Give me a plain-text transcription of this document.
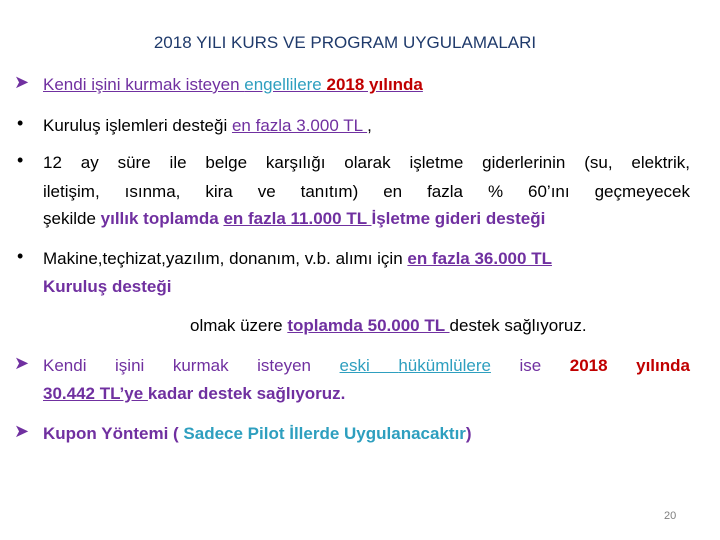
2018 YILI KURS VE PROGRAM UYGULAMALARI
➤ Kendi işini kurmak isteyen engellilere 2018 yılında
• Kuruluş işlemleri desteği en fazla 3.000 TL ,
• 12 ay süre ile belge karşılığı olarak işletme giderlerinin (su, elektrik,
iletişim, ısınma, kira ve tanıtım) en fazla % 60’ını geçmeyecek
şekilde yıllık toplamda en fazla 11.000 TL İşletme gideri desteği
• Makine,teçhizat,yazılım, donanım, v.b. alımı için en fazla 36.000 TL
Kuruluş desteği
olmak üzere toplamda 50.000 TL destek sağlıyoruz.
➤ Kendi işini kurmak isteyen eski hükümlülere ise 2018 yılında
30.442 TL’ye kadar destek sağlıyoruz.
➤ Kupon Yöntemi ( Sadece Pilot İllerde Uygulanacaktır)
20
